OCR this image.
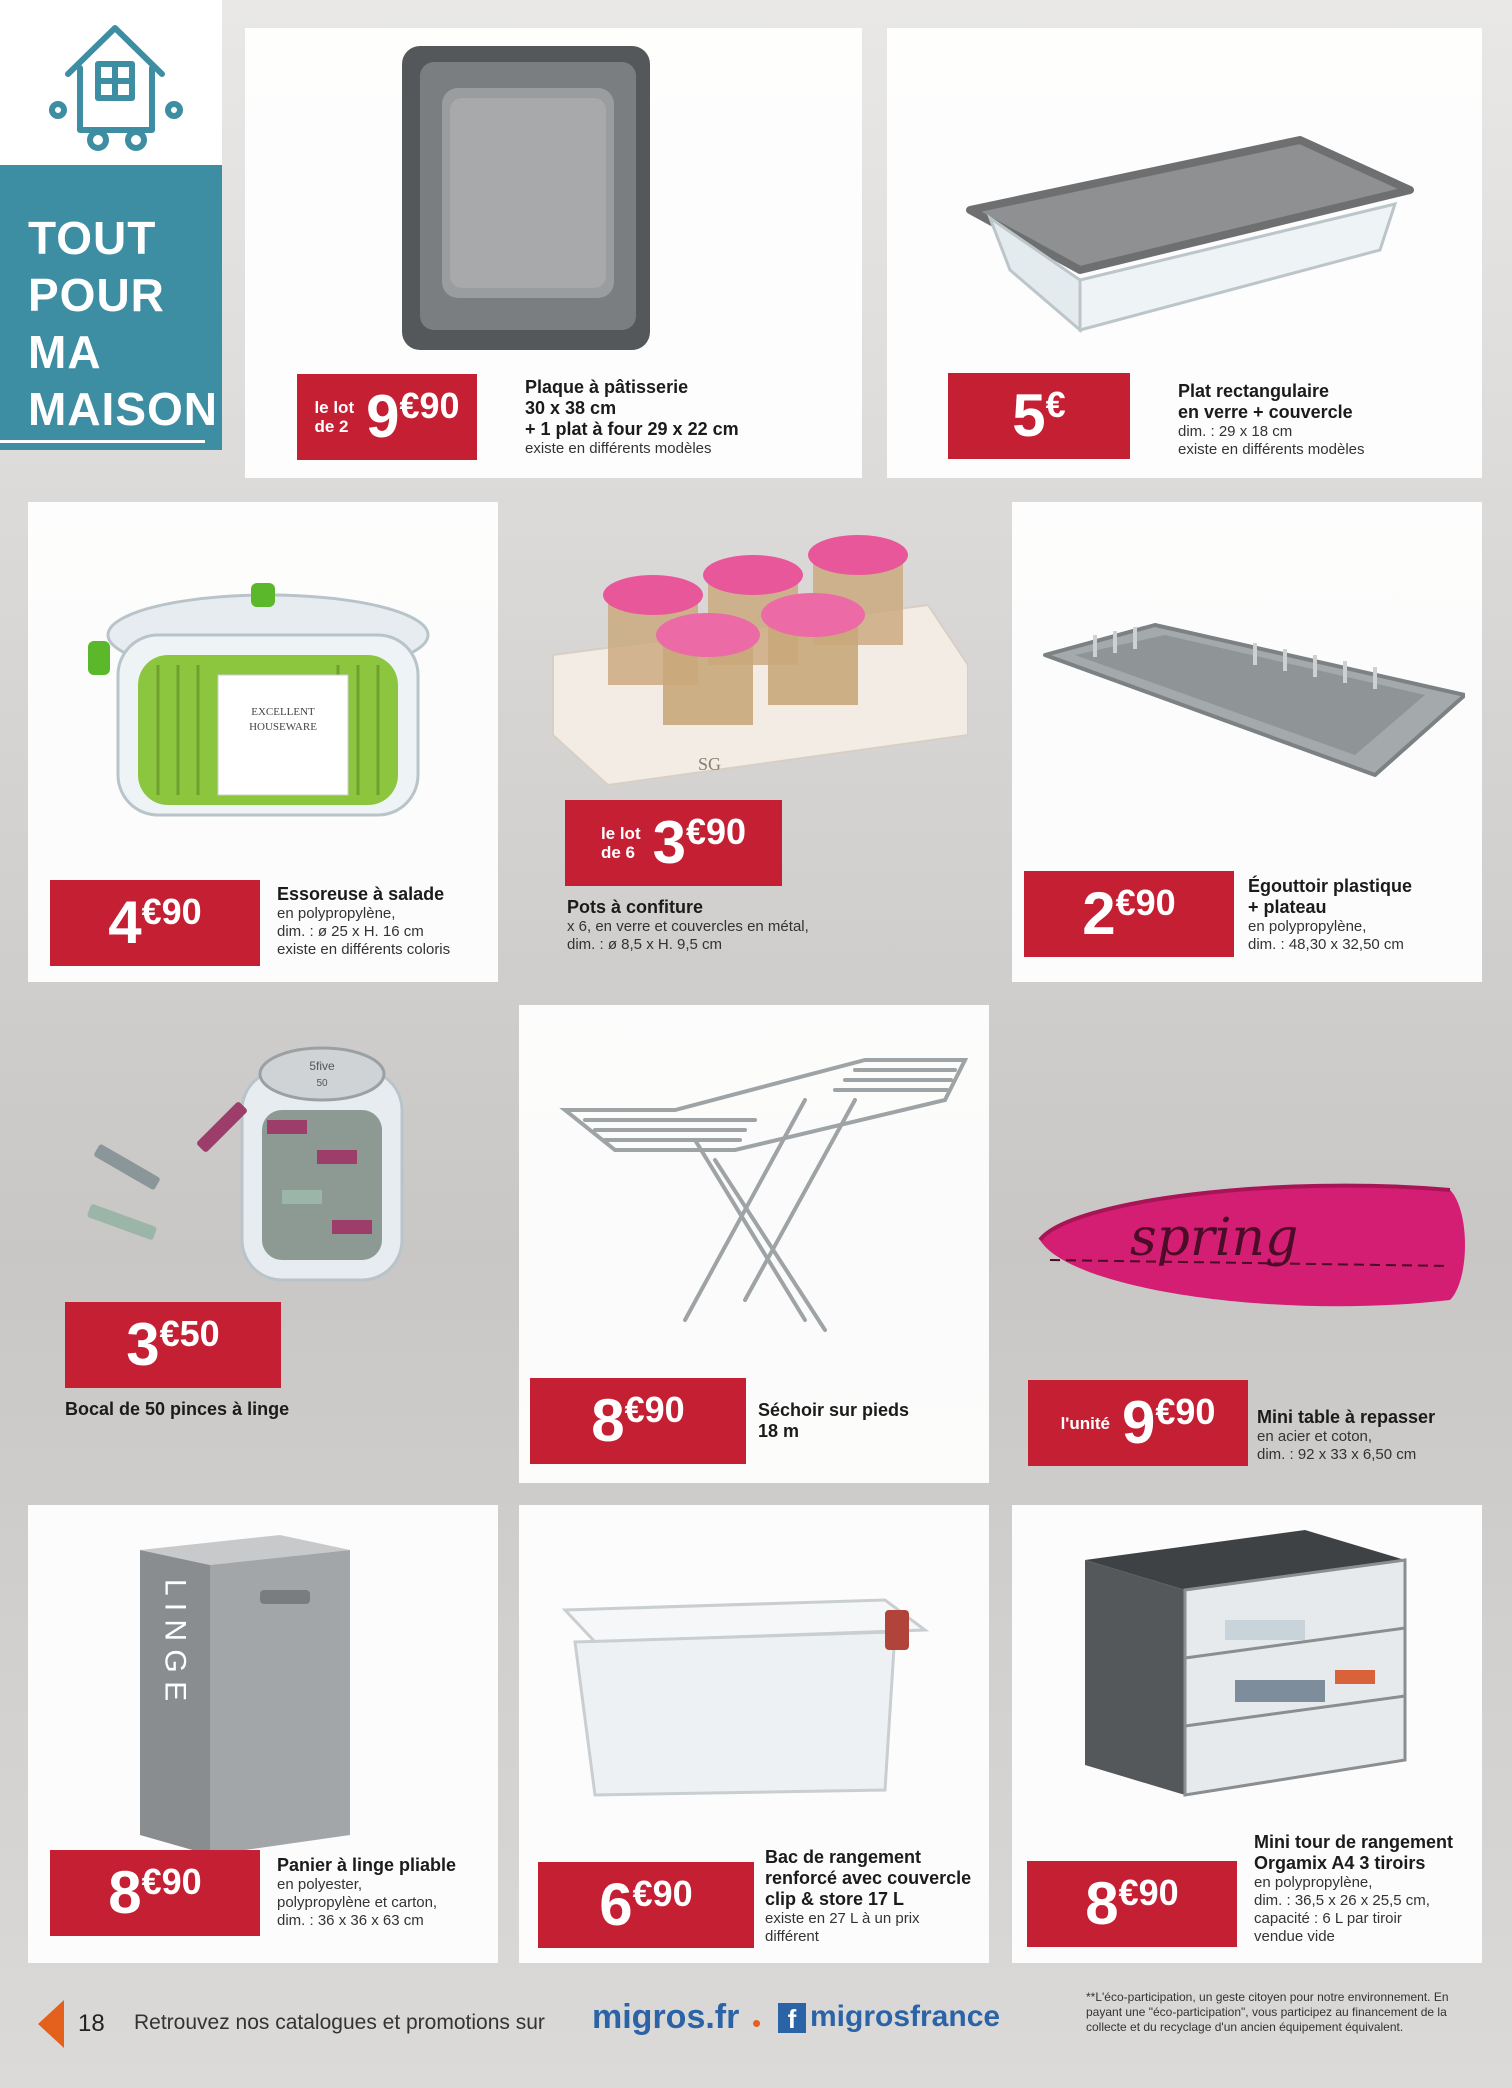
TOUT
POUR
MA
MAISON	le lot
de 2 9 €90	Plaque à pâtisserie
30 x 38 cm
+ 1 plat à four 29 x 22 cm
existe en différents modèles	5 €	Plat rectangulaire
en verre + couvercle
dim. : 29 x 18 cm
existe en différents modèles
EXCELLENT
HOUSEWARE
4 €90	Essoreuse à salade
en polypropylène,
dim. : ø 25 x H. 16 cm
existe en différents coloris
SG
le lot
de 6 3 €90
Pots à confiture
x 6, en verre et couvercles en métal,
dim. : ø 8,5 x H. 9,5 cm	2 €90	Égouttoir plastique
+ plateau
en polypropylène,
dim. : 48,30 x 32,50 cm
5five
50
3 €50
Bocal de 50 pinces à linge	8 €90	Séchoir sur pieds
18 m
spring
l'unité 9 €90 Mini table à repasser
en acier et coton,
dim. : 92 x 33 x 6,50 cm
L I N G E
8 €90	Panier à linge pliable
en polyester,
polypropylène et carton,
dim. : 36 x 36 x 63 cm	6 €90
Bac de rangement
renforcé avec couvercle
clip & store 17 L
existe en 27 L à un prix
différent	8 €90
Mini tour de rangement
Orgamix A4 3 tiroirs
en polypropylène,
dim. : 36,5 x 26 x 25,5 cm,
capacité : 6 L par tiroir
vendue vide
18 Retrouvez nos catalogues et promotions sur migros.fr •	f migrosfrance
**L'éco-participation, un geste citoyen pour notre environnement. En payant une "éco-participation", vous participez au financement de la collecte et du recyclage d'un ancien équipement équivalent.
